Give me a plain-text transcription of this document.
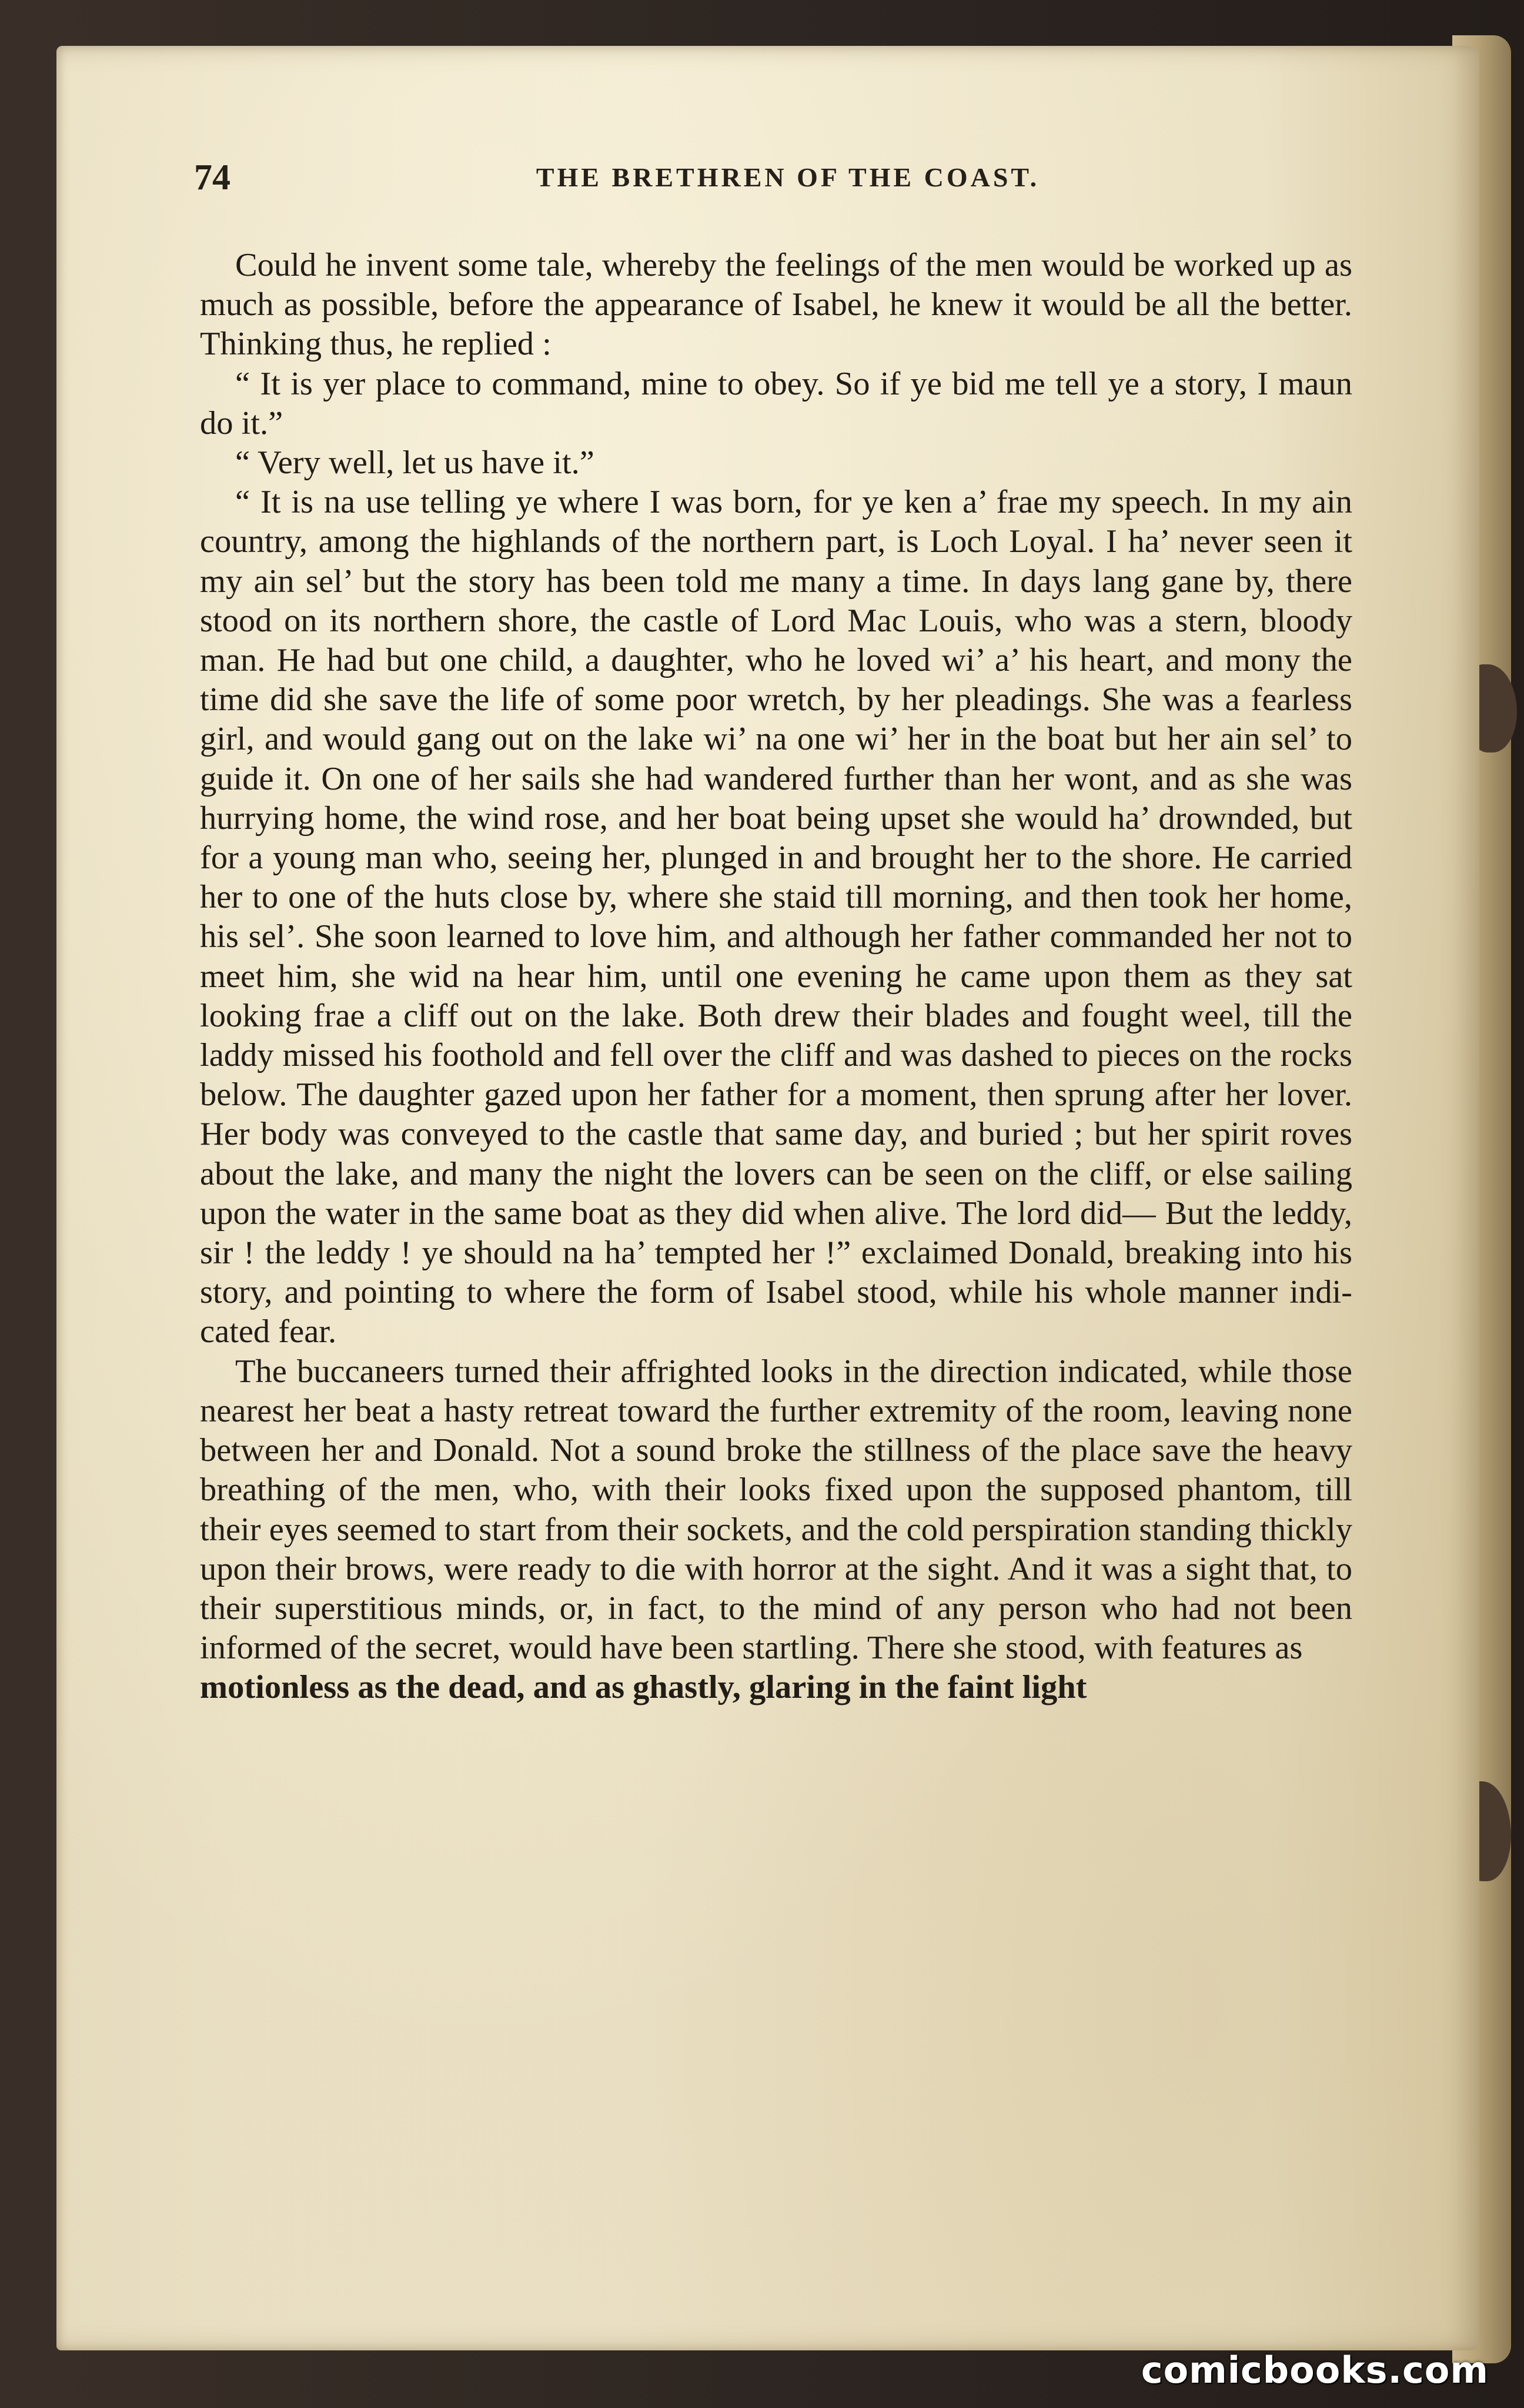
74	THE BRETHREN OF THE COAST.

Could he invent some tale, whereby the feelings of the men would be worked up as much as possible, before the appearance of Isabel, he knew it would be all the better. Thinking thus, he replied :

“ It is yer place to command, mine to obey. So if ye bid me tell ye a story, I maun do it.”

“ Very well, let us have it.”

“ It is na use telling ye where I was born, for ye ken a’ frae my speech. In my ain country, among the highlands of the northern part, is Loch Loyal. I ha’ never seen it my ain sel’ but the story has been told me many a time. In days lang gane by, there stood on its northern shore, the castle of Lord Mac Louis, who was a stern, bloody man. He had but one child, a daughter, who he loved wi’ a’ his heart, and mony the time did she save the life of some poor wretch, by her pleadings. She was a fearless girl, and would gang out on the lake wi’ na one wi’ her in the boat but her ain sel’ to guide it. On one of her sails she had wandered further than her wont, and as she was hurrying home, the wind rose, and her boat being upset she would ha’ drownded, but for a young man who, seeing her, plunged in and brought her to the shore. He carried her to one of the huts close by, where she staid till morning, and then took her home, his sel’. She soon learned to love him, and although her father commanded her not to meet him, she wid na hear him, until one evening he came upon them as they sat looking frae a cliff out on the lake. Both drew their blades and fought weel, till the laddy missed his foothold and fell over the cliff and was dashed to pieces on the rocks below. The daughter gazed upon her father for a moment, then sprung after her lover. Her body was conveyed to the castle that same day, and buried ; but her spirit roves about the lake, and many the night the lovers can be seen on the cliff, or else sailing upon the water in the same boat as they did when alive. The lord did— But the leddy, sir ! the leddy ! ye should na ha’ tempted her !” exclaimed Donald, breaking into his story, and pointing to where the form of Isabel stood, while his whole manner indicated fear.

The buccaneers turned their affrighted looks in the direction indicated, while those nearest her beat a hasty retreat toward the further extremity of the room, leaving none between her and Donald. Not a sound broke the stillness of the place save the heavy breathing of the men, who, with their looks fixed upon the supposed phantom, till their eyes seemed to start from their sockets, and the cold perspiration standing thickly upon their brows, were ready to die with horror at the sight. And it was a sight that, to their superstitious minds, or, in fact, to the mind of any person who had not been informed of the secret, would have been startling. There she stood, with features as

motionless as the dead, and as ghastly, glaring in the faint light

comicbooks.com
